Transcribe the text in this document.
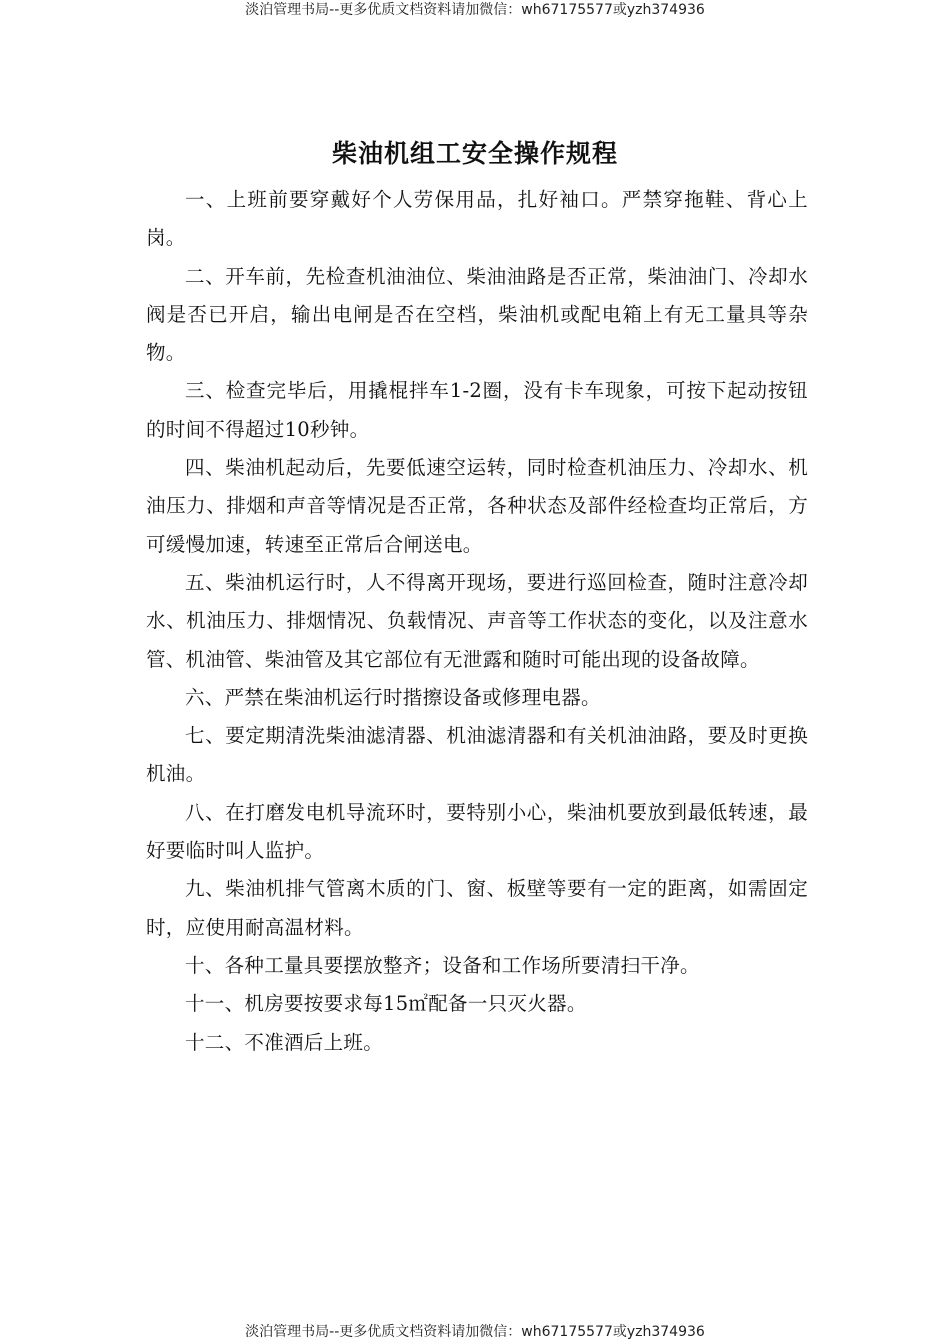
淡泊管理书局--更多优质文档资料请加微信：wh67175577或yzh374936
柴油机组工安全操作规程

一、上班前要穿戴好个人劳保用品，扎好袖口。严禁穿拖鞋、背心上岗。

二、开车前，先检查机油油位、柴油油路是否正常，柴油油门、冷却水阀是否已开启，输出电闸是否在空档，柴油机或配电箱上有无工量具等杂物。

三、检查完毕后，用撬棍拌车1-2圈，没有卡车现象，可按下起动按钮的时间不得超过10秒钟。

四、柴油机起动后，先要低速空运转，同时检查机油压力、冷却水、机油压力、排烟和声音等情况是否正常，各种状态及部件经检查均正常后，方可缓慢加速，转速至正常后合闸送电。

五、柴油机运行时，人不得离开现场，要进行巡回检查，随时注意冷却水、机油压力、排烟情况、负载情况、声音等工作状态的变化，以及注意水管、机油管、柴油管及其它部位有无泄露和随时可能出现的设备故障。

六、严禁在柴油机运行时揩擦设备或修理电器。

七、要定期清洗柴油滤清器、机油滤清器和有关机油油路，要及时更换机油。

八、在打磨发电机导流环时，要特别小心，柴油机要放到最低转速，最好要临时叫人监护。

九、柴油机排气管离木质的门、窗、板壁等要有一定的距离，如需固定时，应使用耐高温材料。

十、各种工量具要摆放整齐；设备和工作场所要清扫干净。

十一、机房要按要求每15㎡配备一只灭火器。

十二、不准酒后上班。

淡泊管理书局--更多优质文档资料请加微信：wh67175577或yzh374936
